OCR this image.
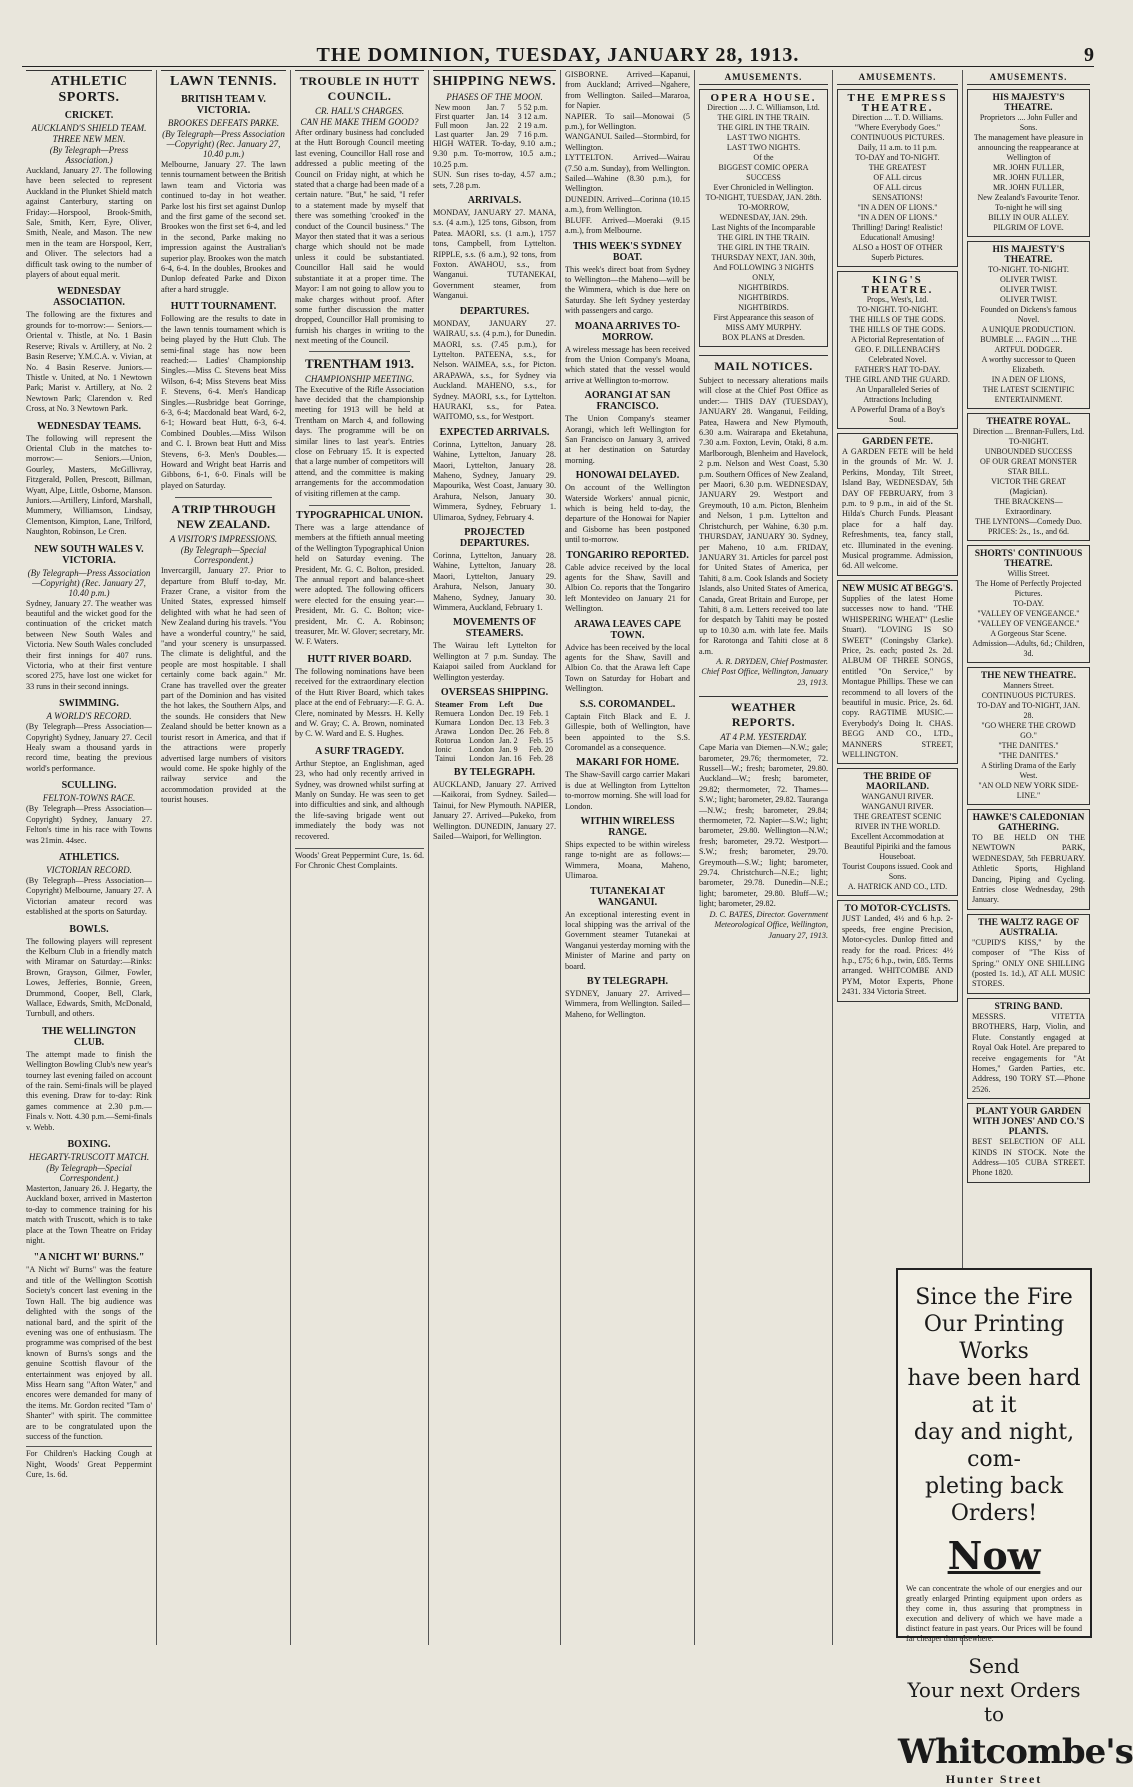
THE DOMINION, TUESDAY, JANUARY 28, 1913.	9
ATHLETIC SPORTS.
CRICKET.
AUCKLAND'S SHIELD TEAM.
THREE NEW MEN.
(By Telegraph—Press Association.)
Auckland, January 27. The following have been selected to represent Auckland in the Plunket Shield match against Canterbury, starting on Friday:—Horspool, Brook-Smith, Sale, Smith, Kerr, Eyre, Oliver, Smith, Neale, and Mason. The new men in the team are Horspool, Kerr, and Oliver. The selectors had a difficult task owing to the number of players of about equal merit.
WEDNESDAY ASSOCIATION.
The following are the fixtures and grounds for to-morrow:— Seniors.—Oriental v. Thistle, at No. 1 Basin Reserve; Rivals v. Artillery, at No. 2 Basin Reserve; Y.M.C.A. v. Vivian, at No. 4 Basin Reserve. Juniors.—Thistle v. United, at No. 1 Newtown Park; Marist v. Artillery, at No. 2 Newtown Park; Clarendon v. Red Cross, at No. 3 Newtown Park.
WEDNESDAY TEAMS.
The following will represent the Oriental Club in the matches to-morrow:— Seniors.—Union, Gourley, Masters, McGillivray, Fitzgerald, Pollen, Prescott, Billman, Wyatt, Alpe, Little, Osborne, Manson. Juniors.—Artillery, Linford, Marshall, Mummery, Williamson, Lindsay, Clementson, Kimpton, Lane, Trilford, Naughton, Robinson, Le Cren.
NEW SOUTH WALES V. VICTORIA.
(By Telegraph—Press Association—Copyright) (Rec. January 27, 10.40 p.m.)
Sydney, January 27. The weather was beautiful and the wicket good for the continuation of the cricket match between New South Wales and Victoria. New South Wales concluded their first innings for 407 runs. Victoria, who at their first venture scored 275, have lost one wicket for 33 runs in their second innings.
SWIMMING.
A WORLD'S RECORD.
(By Telegraph—Press Association—Copyright) Sydney, January 27. Cecil Healy swam a thousand yards in record time, beating the previous world's performance.
SCULLING.
FELTON-TOWNS RACE.
(By Telegraph—Press Association—Copyright) Sydney, January 27. Felton's time in his race with Towns was 21min. 44sec.
ATHLETICS.
VICTORIAN RECORD.
(By Telegraph—Press Association—Copyright) Melbourne, January 27. A Victorian amateur record was established at the sports on Saturday.
BOWLS.
The following players will represent the Kelburn Club in a friendly match with Miramar on Saturday:—Rinks: Brown, Grayson, Gilmer, Fowler, Lowes, Jefferies, Bonnie, Green, Drummond, Cooper, Bell, Clark, Wallace, Edwards, Smith, McDonald, Turnbull, and others.
THE WELLINGTON CLUB.
The attempt made to finish the Wellington Bowling Club's new year's tourney last evening failed on account of the rain. Semi-finals will be played this evening. Draw for to-day: Rink games commence at 2.30 p.m.—Finals v. Nott. 4.30 p.m.—Semi-finals v. Webb.
BOXING.
HEGARTY-TRUSCOTT MATCH.
(By Telegraph—Special Correspondent.)
Masterton, January 26. J. Hegarty, the Auckland boxer, arrived in Masterton to-day to commence training for his match with Truscott, which is to take place at the Town Theatre on Friday night.
"A NICHT WI' BURNS."
"A Nicht wi' Burns" was the feature and title of the Wellington Scottish Society's concert last evening in the Town Hall. The big audience was delighted with the songs of the national bard, and the spirit of the evening was one of enthusiasm. The programme was comprised of the best known of Burns's songs and the genuine Scottish flavour of the entertainment was enjoyed by all. Miss Hearn sang "Afton Water," and encores were demanded for many of the items. Mr. Gordon recited "Tam o' Shanter" with spirit. The committee are to be congratulated upon the success of the function.
For Children's Hacking Cough at Night, Woods' Great Peppermint Cure, 1s. 6d.
LAWN TENNIS.
BRITISH TEAM V. VICTORIA.
BROOKES DEFEATS PARKE.
(By Telegraph—Press Association—Copyright) (Rec. January 27, 10.40 p.m.)
Melbourne, January 27. The lawn tennis tournament between the British lawn team and Victoria was continued to-day in hot weather. Parke lost his first set against Dunlop and the first game of the second set. Brookes won the first set 6-4, and led in the second, Parke making no impression against the Australian's superior play. Brookes won the match 6-4, 6-4. In the doubles, Brookes and Dunlop defeated Parke and Dixon after a hard struggle.
HUTT TOURNAMENT.
Following are the results to date in the lawn tennis tournament which is being played by the Hutt Club. The semi-final stage has now been reached:— Ladies' Championship Singles.—Miss C. Stevens beat Miss Wilson, 6-4; Miss Stevens beat Miss F. Stevens, 6-4. Men's Handicap Singles.—Rusbridge beat Gorringe, 6-3, 6-4; Macdonald beat Ward, 6-2, 6-1; Howard beat Hutt, 6-3, 6-4. Combined Doubles.—Miss Wilson and C. I. Brown beat Hutt and Miss Stevens, 6-3. Men's Doubles.—Howard and Wright beat Harris and Gibbons, 6-1, 6-0. Finals will be played on Saturday.
A TRIP THROUGH NEW ZEALAND.
A VISITOR'S IMPRESSIONS.
(By Telegraph—Special Correspondent.)
Invercargill, January 27. Prior to departure from Bluff to-day, Mr. Frazer Crane, a visitor from the United States, expressed himself delighted with what he had seen of New Zealand during his travels. "You have a wonderful country," he said, "and your scenery is unsurpassed. The climate is delightful, and the people are most hospitable. I shall certainly come back again." Mr. Crane has travelled over the greater part of the Dominion and has visited the hot lakes, the Southern Alps, and the sounds. He considers that New Zealand should be better known as a tourist resort in America, and that if the attractions were properly advertised large numbers of visitors would come. He spoke highly of the railway service and the accommodation provided at the tourist houses.
TROUBLE IN HUTT COUNCIL.
CR. HALL'S CHARGES.
CAN HE MAKE THEM GOOD?
After ordinary business had concluded at the Hutt Borough Council meeting last evening, Councillor Hall rose and addressed a public meeting of the Council on Friday night, at which he stated that a charge had been made of a certain nature. "But," he said, "I refer to a statement made by myself that there was something 'crooked' in the conduct of the Council business." The Mayor then stated that it was a serious charge which should not be made unless it could be substantiated. Councillor Hall said he would substantiate it at a proper time. The Mayor: I am not going to allow you to make charges without proof. After some further discussion the matter dropped, Councillor Hall promising to furnish his charges in writing to the next meeting of the Council.
TRENTHAM 1913.
CHAMPIONSHIP MEETING.
The Executive of the Rifle Association have decided that the championship meeting for 1913 will be held at Trentham on March 4, and following days. The programme will be on similar lines to last year's. Entries close on February 15. It is expected that a large number of competitors will attend, and the committee is making arrangements for the accommodation of visiting riflemen at the camp.
TYPOGRAPHICAL UNION.
There was a large attendance of members at the fiftieth annual meeting of the Wellington Typographical Union held on Saturday evening. The President, Mr. G. C. Bolton, presided. The annual report and balance-sheet were adopted. The following officers were elected for the ensuing year:—President, Mr. G. C. Bolton; vice-president, Mr. C. A. Robinson; treasurer, Mr. W. Glover; secretary, Mr. W. F. Waters.
HUTT RIVER BOARD.
The following nominations have been received for the extraordinary election of the Hutt River Board, which takes place at the end of February:—F. G. A. Clere, nominated by Messrs. H. Kelly and W. Gray; C. A. Brown, nominated by C. W. Ward and E. S. Hughes.
A SURF TRAGEDY.
Arthur Steptoe, an Englishman, aged 23, who had only recently arrived in Sydney, was drowned whilst surfing at Manly on Sunday. He was seen to get into difficulties and sink, and although the life-saving brigade went out immediately the body was not recovered.
Woods' Great Peppermint Cure, 1s. 6d. For Chronic Chest Complaints.
SHIPPING NEWS.
PHASES OF THE MOON.
New moon	Jan. 7	5 52 p.m.
First quarter	Jan. 14	3 12 a.m.
Full moon	Jan. 22	2 19 a.m.
Last quarter	Jan. 29	7 16 p.m.
HIGH WATER. To-day, 9.10 a.m.; 9.30 p.m. To-morrow, 10.5 a.m.; 10.25 p.m.
SUN. Sun rises to-day, 4.57 a.m.; sets, 7.28 p.m.
ARRIVALS.
MONDAY, JANUARY 27. MANA, s.s. (4 a.m.), 125 tons, Gibson, from Patea. MAORI, s.s. (1 a.m.), 1757 tons, Campbell, from Lyttelton. RIPPLE, s.s. (6 a.m.), 92 tons, from Foxton. AWAHOU, s.s., from Wanganui. TUTANEKAI, Government steamer, from Wanganui.
DEPARTURES.
MONDAY, JANUARY 27. WAIRAU, s.s. (4 p.m.), for Dunedin. MAORI, s.s. (7.45 p.m.), for Lyttelton. PATEENA, s.s., for Nelson. WAIMEA, s.s., for Picton. ARAPAWA, s.s., for Sydney via Auckland. MAHENO, s.s., for Sydney. MAORI, s.s., for Lyttelton. HAURAKI, s.s., for Patea. WAITOMO, s.s., for Westport.
EXPECTED ARRIVALS.
Corinna, Lyttelton, January 28. Wahine, Lyttelton, January 28. Maori, Lyttelton, January 28. Maheno, Sydney, January 29. Mapourika, West Coast, January 30. Arahura, Nelson, January 30. Wimmera, Sydney, February 1. Ulimaroa, Sydney, February 4.
PROJECTED DEPARTURES.
Corinna, Lyttelton, January 28. Wahine, Lyttelton, January 28. Maori, Lyttelton, January 29. Arahura, Nelson, January 30. Maheno, Sydney, January 30. Wimmera, Auckland, February 1.
MOVEMENTS OF STEAMERS.
The Wairau left Lyttelton for Wellington at 7 p.m. Sunday. The Kaiapoi sailed from Auckland for Wellington yesterday.
OVERSEAS SHIPPING.
Steamer	From	Left	Due
Remuera	London	Dec. 19	Feb. 1
Kumara	London	Dec. 13	Feb. 3
Arawa	London	Dec. 26	Feb. 8
Rotorua	London	Jan. 2	Feb. 15
Ionic	London	Jan. 9	Feb. 20
Tainui	London	Jan. 16	Feb. 28
BY TELEGRAPH.
AUCKLAND, January 27. Arrived—Kaikorai, from Sydney. Sailed—Tainui, for New Plymouth. NAPIER, January 27. Arrived—Pukeko, from Wellington. DUNEDIN, January 27. Sailed—Waipori, for Wellington.
GISBORNE. Arrived—Kapanui, from Auckland; Arrived—Ngahere, from Wellington. Sailed—Mararoa, for Napier.
NAPIER. To sail—Monowai (5 p.m.), for Wellington.
WANGANUI. Sailed—Stormbird, for Wellington.
LYTTELTON. Arrived—Wairau (7.50 a.m. Sunday), from Wellington. Sailed—Wahine (8.30 p.m.), for Wellington.
DUNEDIN. Arrived—Corinna (10.15 a.m.), from Wellington.
BLUFF. Arrived—Moeraki (9.15 a.m.), from Melbourne.
THIS WEEK'S SYDNEY BOAT.
This week's direct boat from Sydney to Wellington—the Maheno—will be the Wimmera, which is due here on Saturday. She left Sydney yesterday with passengers and cargo.
MOANA ARRIVES TO-MORROW.
A wireless message has been received from the Union Company's Moana, which stated that the vessel would arrive at Wellington to-morrow.
AORANGI AT SAN FRANCISCO.
The Union Company's steamer Aorangi, which left Wellington for San Francisco on January 3, arrived at her destination on Saturday morning.
HONOWAI DELAYED.
On account of the Wellington Waterside Workers' annual picnic, which is being held to-day, the departure of the Honowai for Napier and Gisborne has been postponed until to-morrow.
TONGARIRO REPORTED.
Cable advice received by the local agents for the Shaw, Savill and Albion Co. reports that the Tongariro left Montevideo on January 21 for Wellington.
ARAWA LEAVES CAPE TOWN.
Advice has been received by the local agents for the Shaw, Savill and Albion Co. that the Arawa left Cape Town on Saturday for Hobart and Wellington.
S.S. COROMANDEL.
Captain Fitch Black and E. J. Gillespie, both of Wellington, have been appointed to the S.S. Coromandel as a consequence.
MAKARI FOR HOME.
The Shaw-Savill cargo carrier Makari is due at Wellington from Lyttelton to-morrow morning. She will load for London.
WITHIN WIRELESS RANGE.
Ships expected to be within wireless range to-night are as follows:—Wimmera, Moana, Maheno, Ulimaroa.
TUTANEKAI AT WANGANUI.
An exceptional interesting event in local shipping was the arrival of the Government steamer Tutanekai at Wanganui yesterday morning with the Minister of Marine and party on board.
BY TELEGRAPH.
SYDNEY, January 27. Arrived—Wimmera, from Wellington. Sailed—Maheno, for Wellington.
AMUSEMENTS.
OPERA HOUSE.
Direction .... J. C. Williamson, Ltd.
THE GIRL IN THE TRAIN.
THE GIRL IN THE TRAIN.
LAST TWO NIGHTS.
LAST TWO NIGHTS.
Of the
BIGGEST COMIC OPERA SUCCESS
Ever Chronicled in Wellington.
TO-NIGHT, TUESDAY, JAN. 28th.
TO-MORROW,
WEDNESDAY, JAN. 29th.
Last Nights of the Incomparable
THE GIRL IN THE TRAIN.
THE GIRL IN THE TRAIN.
THURSDAY NEXT, JAN. 30th,
And FOLLOWING 3 NIGHTS ONLY,
NIGHTBIRDS.
NIGHTBIRDS.
NIGHTBIRDS.
First Appearance this season of
MISS AMY MURPHY.
BOX PLANS at Dresden.
MAIL NOTICES.
Subject to necessary alterations mails will close at the Chief Post Office as under:— THIS DAY (TUESDAY), JANUARY 28. Wanganui, Feilding, Patea, Hawera and New Plymouth, 6.30 a.m. Wairarapa and Eketahuna, 7.30 a.m. Foxton, Levin, Otaki, 8 a.m. Marlborough, Blenheim and Havelock, 2 p.m. Nelson and West Coast, 5.30 p.m. Southern Offices of New Zealand, per Maori, 6.30 p.m. WEDNESDAY, JANUARY 29. Westport and Greymouth, 10 a.m. Picton, Blenheim and Nelson, 1 p.m. Lyttelton and Christchurch, per Wahine, 6.30 p.m. THURSDAY, JANUARY 30. Sydney, per Maheno, 10 a.m. FRIDAY, JANUARY 31. Articles for parcel post for United States of America, per Tahiti, 8 a.m. Cook Islands and Society Islands, also United States of America, Canada, Great Britain and Europe, per Tahiti, 8 a.m. Letters received too late for despatch by Tahiti may be posted up to 10.30 a.m. with late fee. Mails for Rarotonga and Tahiti close at 8 a.m.
A. R. DRYDEN, Chief Postmaster. Chief Post Office, Wellington, January 23, 1913.
WEATHER REPORTS.
AT 4 P.M. YESTERDAY.
Cape Maria van Diemen—N.W.; gale; barometer, 29.76; thermometer, 72. Russell—W.; fresh; barometer, 29.80. Auckland—W.; fresh; barometer, 29.82; thermometer, 72. Thames—S.W.; light; barometer, 29.82. Tauranga—N.W.; fresh; barometer, 29.84; thermometer, 72. Napier—S.W.; light; barometer, 29.80. Wellington—N.W.; fresh; barometer, 29.72. Westport—S.W.; fresh; barometer, 29.70. Greymouth—S.W.; light; barometer, 29.74. Christchurch—N.E.; light; barometer, 29.78. Dunedin—N.E.; light; barometer, 29.80. Bluff—W.; light; barometer, 29.82.
D. C. BATES, Director. Government Meteorological Office, Wellington, January 27, 1913.
AMUSEMENTS.
THE EMPRESS THEATRE.
Direction .... T. D. Williams.
"Where Everybody Goes."
CONTINUOUS PICTURES.
Daily, 11 a.m. to 11 p.m.
TO-DAY and TO-NIGHT.
THE GREATEST
OF ALL circus
OF ALL circus
SENSATIONS!
"IN A DEN OF LIONS."
"IN A DEN OF LIONS."
Thrilling! Daring! Realistic!
Educational! Amusing!
ALSO a HOST OF OTHER Superb Pictures.
KING'S THEATRE.
Props., West's, Ltd.
TO-NIGHT. TO-NIGHT.
THE HILLS OF THE GODS.
THE HILLS OF THE GODS.
A Pictorial Representation of GEO. F. DILLENBACH'S Celebrated Novel.
FATHER'S HAT TO-DAY.
THE GIRL AND THE GUARD.
An Unparalleled Series of Attractions Including
A Powerful Drama of a Boy's Soul.
GARDEN FETE.
A GARDEN FETE will be held in the grounds of Mr. W. J. Perkins, Monday, Tilt Street, Island Bay, WEDNESDAY, 5th DAY OF FEBRUARY, from 3 p.m. to 9 p.m., in aid of the St. Hilda's Church Funds. Pleasant place for a half day. Refreshments, tea, fancy stall, etc. Illuminated in the evening. Musical programme. Admission, 6d. All welcome.
NEW MUSIC AT BEGG'S.
Supplies of the latest Home successes now to hand. "THE WHISPERING WHEAT" (Leslie Stuart). "LOVING IS SO SWEET" (Coningsby Clarke). Price, 2s. each; posted 2s. 2d. ALBUM OF THREE SONGS, entitled "On Service," by Montague Phillips. These we can recommend to all lovers of the beautiful in music. Price, 2s. 6d. copy. RAGTIME MUSIC.—Everybody's Doing It. CHAS. BEGG AND CO., LTD., MANNERS STREET, WELLINGTON.
THE BRIDE OF MAORILAND.
WANGANUI RIVER.
WANGANUI RIVER.
THE GREATEST SCENIC RIVER IN THE WORLD.
Excellent Accommodation at Beautiful Pipiriki and the famous Houseboat.
Tourist Coupons issued. Cook and Sons.
A. HATRICK AND CO., LTD.
TO MOTOR-CYCLISTS.
JUST Landed, 4½ and 6 h.p. 2-speeds, free engine Precision, Motor-cycles. Dunlop fitted and ready for the road. Prices: 4½ h.p., £75; 6 h.p., twin, £85. Terms arranged. WHITCOMBE AND PYM, Motor Experts, Phone 2431. 334 Victoria Street.
AMUSEMENTS.
HIS MAJESTY'S THEATRE.
Proprietors .... John Fuller and Sons.
The management have pleasure in announcing the reappearance at Wellington of
MR. JOHN FULLER,
MR. JOHN FULLER,
MR. JOHN FULLER,
New Zealand's Favourite Tenor.
To-night he will sing
BILLY IN OUR ALLEY.
PILGRIM OF LOVE.
HIS MAJESTY'S THEATRE.
TO-NIGHT. TO-NIGHT.
OLIVER TWIST.
OLIVER TWIST.
OLIVER TWIST.
Founded on Dickens's famous Novel.
A UNIQUE PRODUCTION.
BUMBLE .... FAGIN .... THE ARTFUL DODGER.
A worthy successor to Queen Elizabeth.
IN A DEN OF LIONS,
THE LATEST SCIENTIFIC ENTERTAINMENT.
THEATRE ROYAL.
Direction .... Brennan-Fullers, Ltd.
TO-NIGHT.
UNBOUNDED SUCCESS
OF OUR GREAT MONSTER STAR BILL.
VICTOR THE GREAT (Magician).
THE BRACKENS—Extraordinary.
THE LYNTONS—Comedy Duo.
PRICES: 2s., 1s., and 6d.
SHORTS' CONTINUOUS THEATRE.
Willis Street.
The Home of Perfectly Projected Pictures.
TO-DAY.
"VALLEY OF VENGEANCE."
"VALLEY OF VENGEANCE."
A Gorgeous Star Scene.
Admission—Adults, 6d.; Children, 3d.
THE NEW THEATRE.
Manners Street.
CONTINUOUS PICTURES.
TO-DAY and TO-NIGHT, JAN. 28.
"GO WHERE THE CROWD GO."
"THE DANITES."
"THE DANITES."
A Stirling Drama of the Early West.
"AN OLD NEW YORK SIDE-LINE."
HAWKE'S CALEDONIAN GATHERING.
TO BE HELD ON THE NEWTOWN PARK, WEDNESDAY, 5th FEBRUARY. Athletic Sports, Highland Dancing, Piping and Cycling. Entries close Wednesday, 29th January.
THE WALTZ RAGE OF AUSTRALIA.
"CUPID'S KISS," by the composer of "The Kiss of Spring." ONLY ONE SHILLING (posted 1s. 1d.), AT ALL MUSIC STORES.
STRING BAND.
MESSRS. VITETTA BROTHERS, Harp, Violin, and Flute. Constantly engaged at Royal Oak Hotel. Are prepared to receive engagements for "At Homes," Garden Parties, etc. Address, 190 TORY ST.—Phone 2526.
PLANT YOUR GARDEN WITH JONES' AND CO.'S PLANTS.
BEST SELECTION OF ALL KINDS IN STOCK. Note the Address—105 CUBA STREET. Phone 1820.
Since the Fire
Our Printing Works
have been hard at it
day and night, com-
pleting back Orders!
Now
We can concentrate the whole of our energies and our greatly enlarged Printing equipment upon orders as they come in, thus assuring that promptness in execution and delivery of which we have made a distinct feature in past years. Our Prices will be found far cheaper than elsewhere.
Send
Your next Orders to
Whitcombe's
Hunter Street
